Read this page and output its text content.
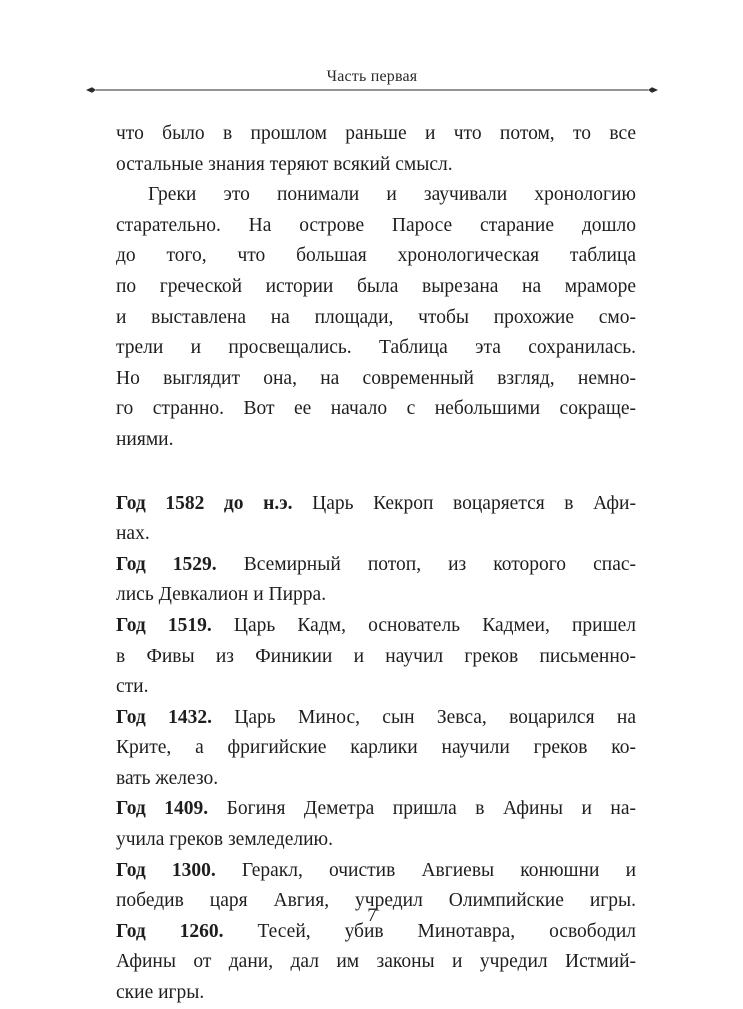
Часть первая
что было в прошлом раньше и что потом, то все
остальные знания теряют всякий смысл.
Греки это понимали и заучивали хронологию
старательно. На острове Паросе старание дошло
до того, что большая хронологическая таблица
по греческой истории была вырезана на мраморе
и выставлена на площади, чтобы прохожие смо-
трели и просвещались. Таблица эта сохранилась.
Но выглядит она, на современный взгляд, немно-
го странно. Вот ее начало с небольшими сокраще-
ниями.
Год 1582 до н.э. Царь Кекроп воцаряется в Афи-
нах.
Год 1529. Всемирный потоп, из которого спас-
лись Девкалион и Пирра.
Год 1519. Царь Кадм, основатель Кадмеи, пришел
в Фивы из Финикии и научил греков письменно-
сти.
Год 1432. Царь Минос, сын Зевса, воцарился на
Крите, а фригийские карлики научили греков ко-
вать железо.
Год 1409. Богиня Деметра пришла в Афины и на-
учила греков земледелию.
Год 1300. Геракл, очистив Авгиевы конюшни и
победив царя Авгия, учредил Олимпийские игры.
Год 1260. Тесей, убив Минотавра, освободил
Афины от дани, дал им законы и учредил Истмий-
ские игры.
7
